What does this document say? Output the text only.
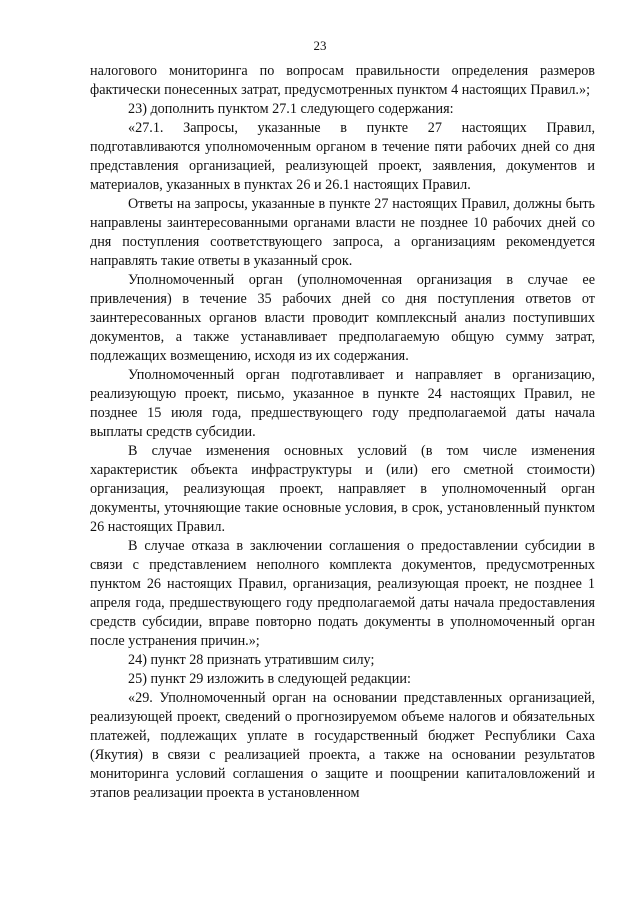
23

налогового мониторинга по вопросам правильности определения размеров фактически понесенных затрат, предусмотренных пунктом 4 настоящих Правил.»;

23) дополнить пунктом 27.1 следующего содержания:

«27.1. Запросы, указанные в пункте 27 настоящих Правил, подготавливаются уполномоченным органом в течение пяти рабочих дней со дня представления организацией, реализующей проект, заявления, документов и материалов, указанных в пунктах 26 и 26.1 настоящих Правил.

Ответы на запросы, указанные в пункте 27 настоящих Правил, должны быть направлены заинтересованными органами власти не позднее 10 рабочих дней со дня поступления соответствующего запроса, а организациям рекомендуется направлять такие ответы в указанный срок.

Уполномоченный орган (уполномоченная организация в случае ее привлечения) в течение 35 рабочих дней со дня поступления ответов от заинтересованных органов власти проводит комплексный анализ поступивших документов, а также устанавливает предполагаемую общую сумму затрат, подлежащих возмещению, исходя из их содержания.

Уполномоченный орган подготавливает и направляет в организацию, реализующую проект, письмо, указанное в пункте 24 настоящих Правил, не позднее 15 июля года, предшествующего году предполагаемой даты начала выплаты средств субсидии.

В случае изменения основных условий (в том числе изменения характеристик объекта инфраструктуры и (или) его сметной стоимости) организация, реализующая проект, направляет в уполномоченный орган документы, уточняющие такие основные условия, в срок, установленный пунктом 26 настоящих Правил.

В случае отказа в заключении соглашения о предоставлении субсидии в связи с представлением неполного комплекта документов, предусмотренных пунктом 26 настоящих Правил, организация, реализующая проект, не позднее 1 апреля года, предшествующего году предполагаемой даты начала предоставления средств субсидии, вправе повторно подать документы в уполномоченный орган после устранения причин.»;

24) пункт 28 признать утратившим силу;

25) пункт 29 изложить в следующей редакции:

«29. Уполномоченный орган на основании представленных организацией, реализующей проект, сведений о прогнозируемом объеме налогов и обязательных платежей, подлежащих уплате в государственный бюджет Республики Саха (Якутия) в связи с реализацией проекта, а также на основании результатов мониторинга условий соглашения о защите и поощрении капиталовложений и этапов реализации проекта в установленном
